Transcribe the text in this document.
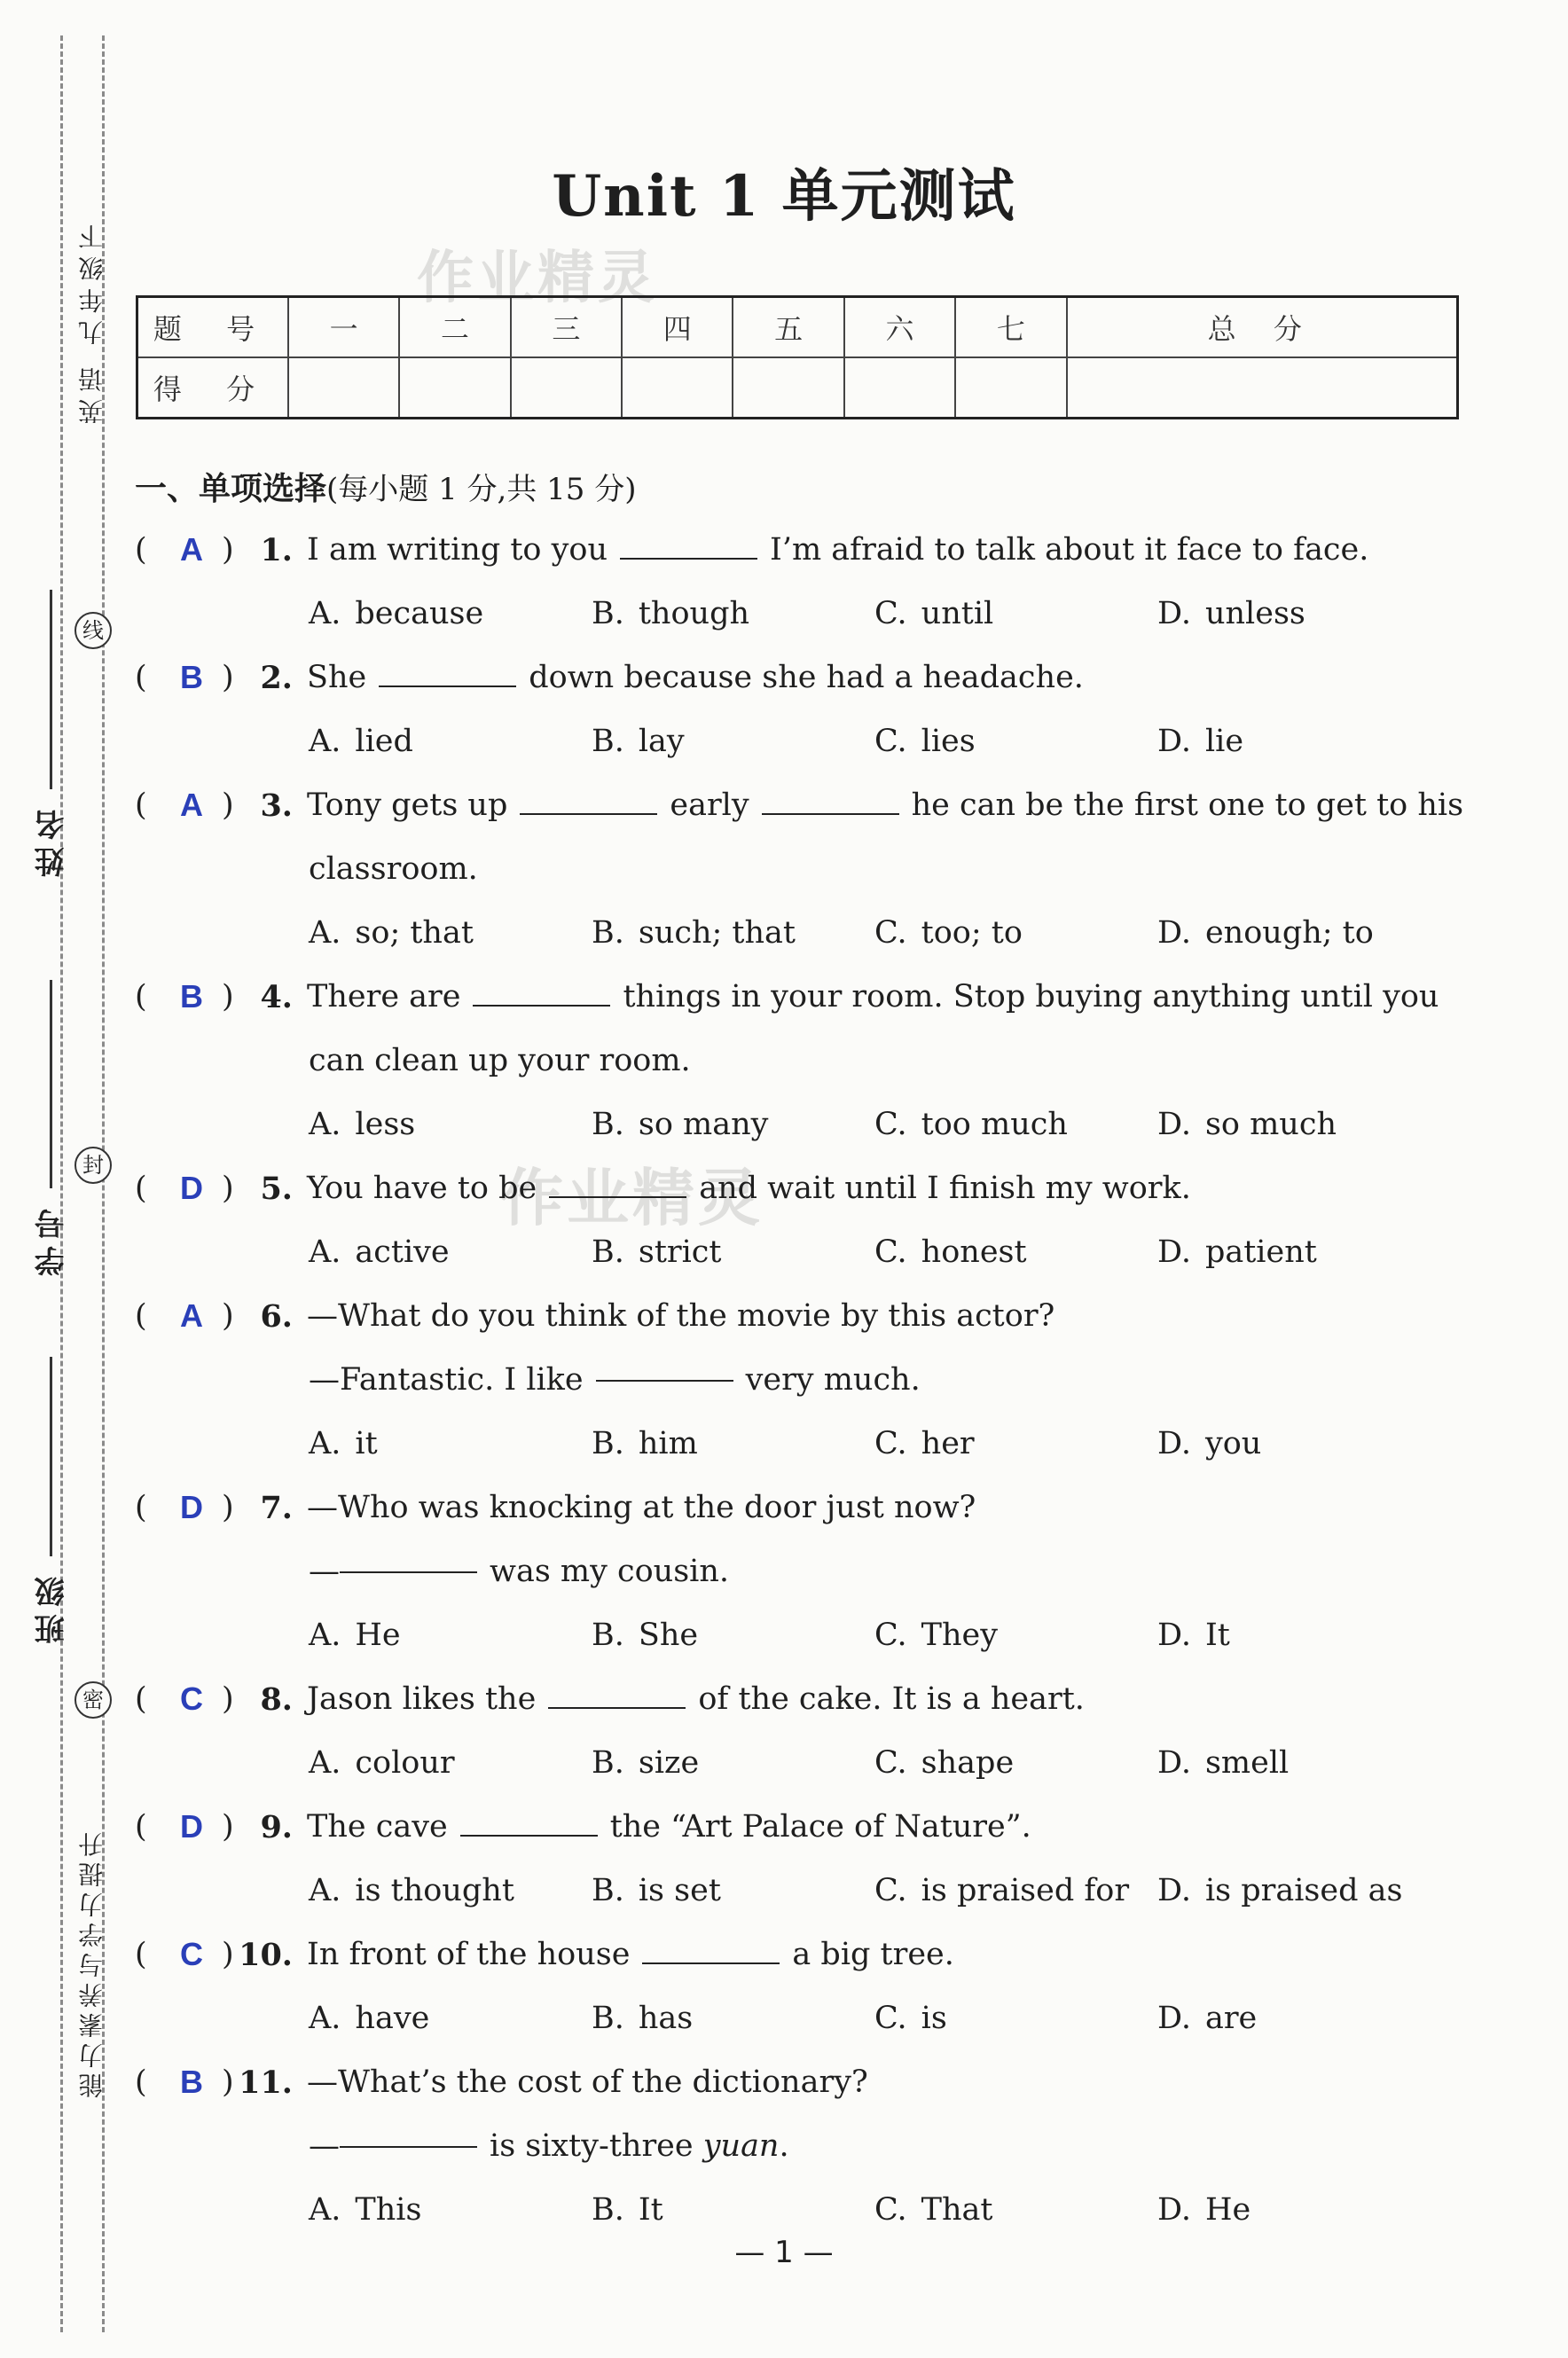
英语 九年级下
能力素养与学力提升
姓名
学号
班级
线
封
密
Unit 1 单元测试
作业精灵
作业精灵
题 号	一	二	三	四	五	六	七	总 分
得 分								
一、单项选择(每小题 1 分,共 15 分)
(	A ) 1. I am writing to you	I’m afraid to talk about it face to face.
A. because	B. though	C. until	D. unless
(	B ) 2. She	down because she had a headache.
A. lied	B. lay	C. lies	D. lie
(	A ) 3. Tony gets up	early	he can be the first one to get to his
classroom.
A. so; that	B. such; that	C. too; to	D. enough; to
(	B ) 4. There are	things in your room. Stop buying anything until you
can clean up your room.
A. less	B. so many	C. too much	D. so much
(	D ) 5. You have to be	and wait until I finish my work.
A. active	B. strict	C. honest	D. patient
(	A ) 6. —What do you think of the movie by this actor?
—Fantastic. I like	very much.
A. it	B. him	C. her	D. you
(	D ) 7. —Who was knocking at the door just now?
—	was my cousin.
A. He	B. She	C. They	D. It
(	C ) 8. Jason likes the	of the cake. It is a heart.
A. colour	B. size	C. shape	D. smell
(	D ) 9. The cave	the “Art Palace of Nature”.
A. is thought	B. is set	C. is praised for D. is praised as
(	C ) 10. In front of the house	a big tree.
A. have	B. has	C. is	D. are
(	B ) 11. —What’s the cost of the dictionary?
—	is sixty-three
yuan .
A. This	B. It	C. That	D. He
— 1 —
